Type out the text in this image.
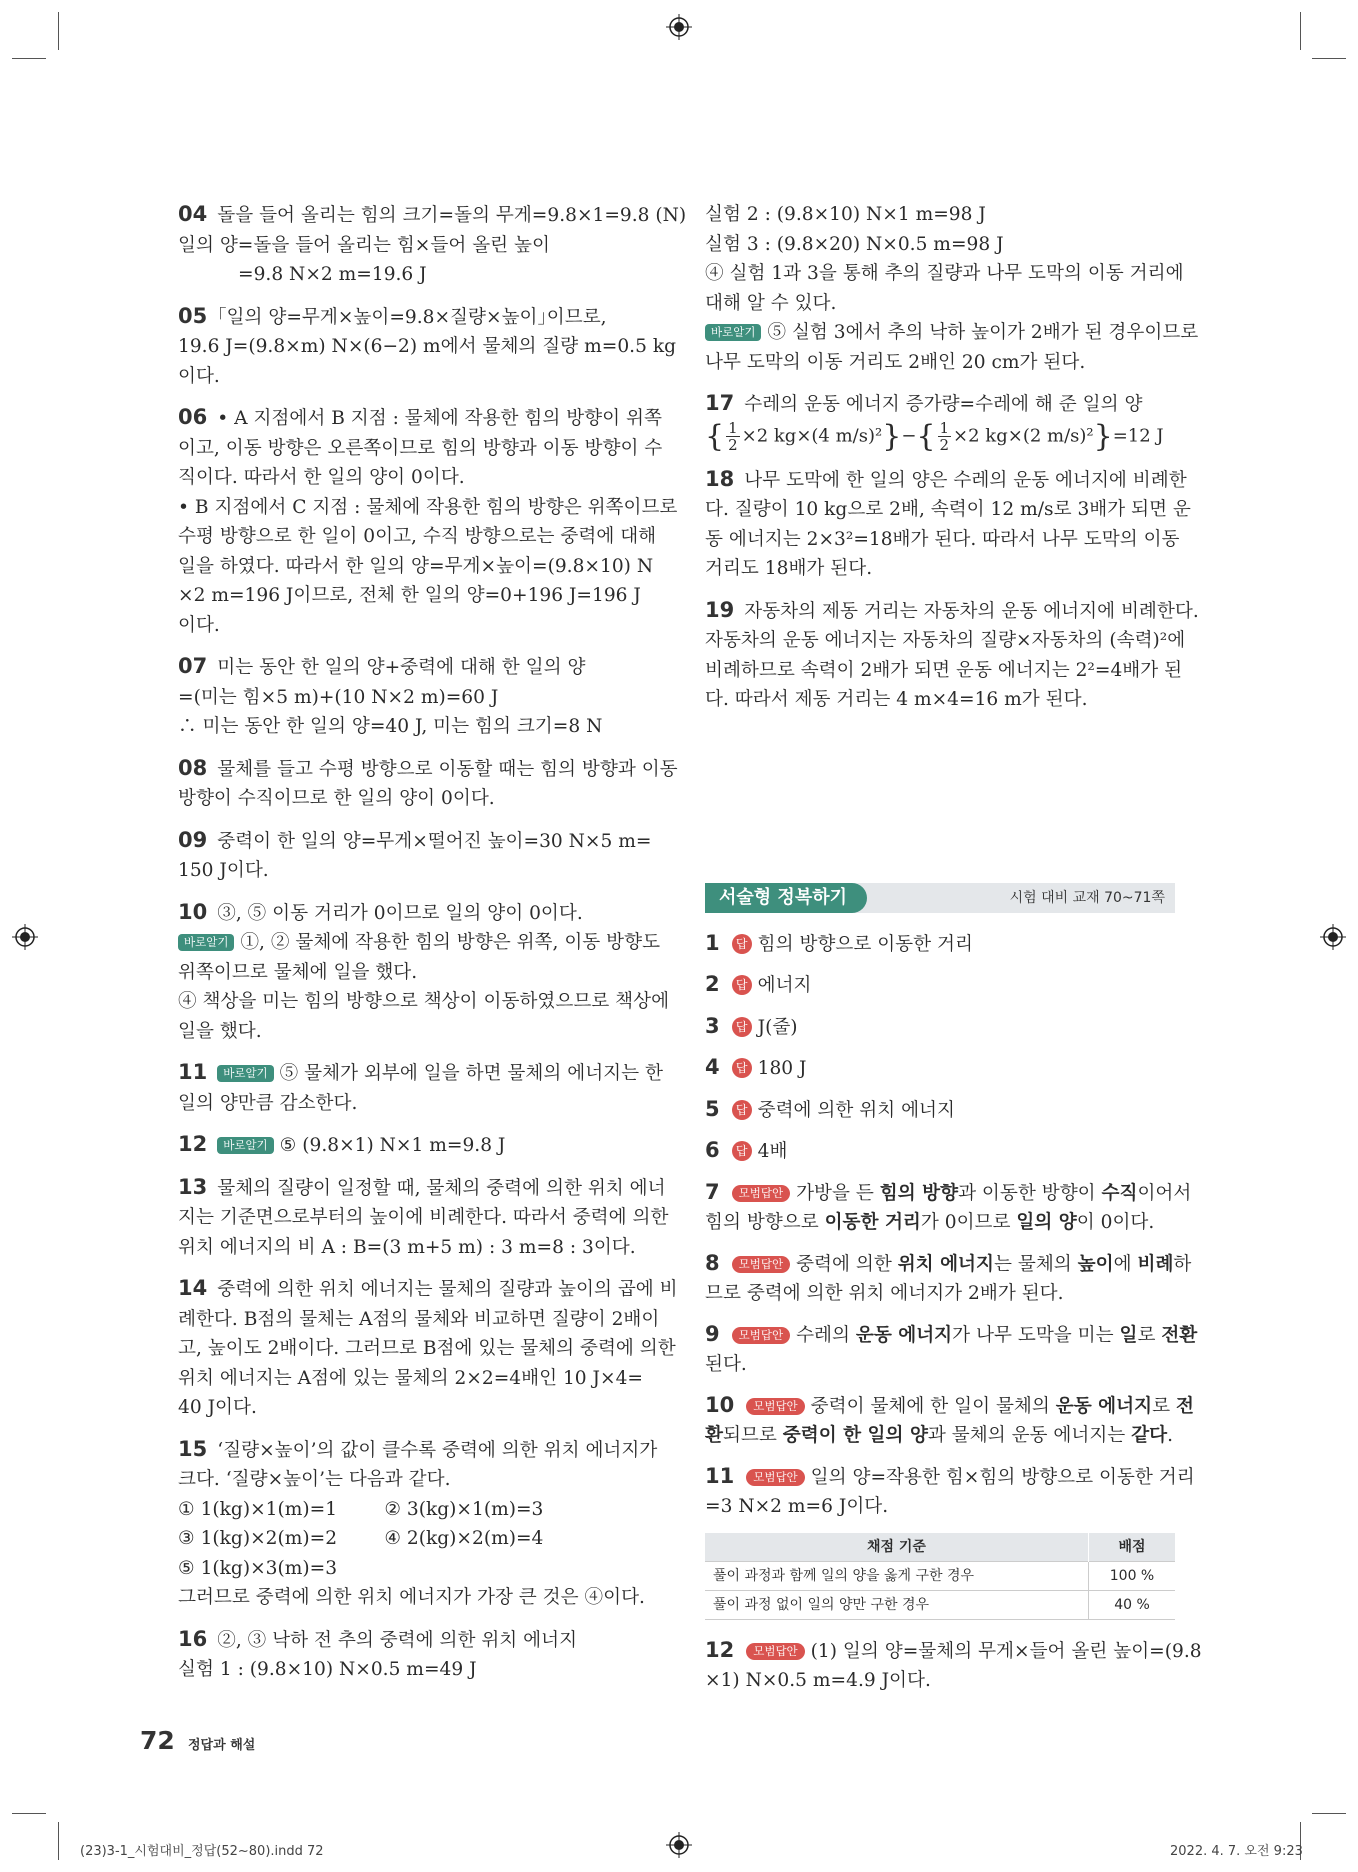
04 돌을 들어 올리는 힘의 크기=돌의 무게=9.8×1=9.8 (N)
일의 양=돌을 들어 올리는 힘×들어 올린 높이
=9.8 N×2 m=19.6 J
05 ｢일의 양=무게×높이=9.8×질량×높이｣이므로,
19.6 J=(9.8×m) N×(6−2) m에서 물체의 질량 m=0.5 kg
이다.
06 • A 지점에서 B 지점 : 물체에 작용한 힘의 방향이 위쪽
이고, 이동 방향은 오른쪽이므로 힘의 방향과 이동 방향이 수
직이다. 따라서 한 일의 양이 0이다.
• B 지점에서 C 지점 : 물체에 작용한 힘의 방향은 위쪽이므로
수평 방향으로 한 일이 0이고, 수직 방향으로는 중력에 대해
일을 하였다. 따라서 한 일의 양=무게×높이=(9.8×10) N
×2 m=196 J이므로, 전체 한 일의 양=0+196 J=196 J
이다.
07 미는 동안 한 일의 양+중력에 대해 한 일의 양
=(미는 힘×5 m)+(10 N×2 m)=60 J
∴ 미는 동안 한 일의 양=40 J, 미는 힘의 크기=8 N
08 물체를 들고 수평 방향으로 이동할 때는 힘의 방향과 이동
방향이 수직이므로 한 일의 양이 0이다.
09 중력이 한 일의 양=무게×떨어진 높이=30 N×5 m=
150 J이다.
10 ③, ⑤ 이동 거리가 0이므로 일의 양이 0이다.
바로알기 ①, ② 물체에 작용한 힘의 방향은 위쪽, 이동 방향도
위쪽이므로 물체에 일을 했다.
④ 책상을 미는 힘의 방향으로 책상이 이동하였으므로 책상에
일을 했다.
11 바로알기 ⑤ 물체가 외부에 일을 하면 물체의 에너지는 한
일의 양만큼 감소한다.
12 바로알기 ⑤ (9.8×1) N×1 m=9.8 J
13 물체의 질량이 일정할 때, 물체의 중력에 의한 위치 에너
지는 기준면으로부터의 높이에 비례한다. 따라서 중력에 의한
위치 에너지의 비 A : B=(3 m+5 m) : 3 m=8 : 3이다.
14 중력에 의한 위치 에너지는 물체의 질량과 높이의 곱에 비
례한다. B점의 물체는 A점의 물체와 비교하면 질량이 2배이
고, 높이도 2배이다. 그러므로 B점에 있는 물체의 중력에 의한
위치 에너지는 A점에 있는 물체의 2×2=4배인 10 J×4=
40 J이다.
15 ‘질량×높이’의 값이 클수록 중력에 의한 위치 에너지가
크다. ‘질량×높이’는 다음과 같다.
① 1(kg)×1(m)=1        ② 3(kg)×1(m)=3
③ 1(kg)×2(m)=2        ④ 2(kg)×2(m)=4
⑤ 1(kg)×3(m)=3
그러므로 중력에 의한 위치 에너지가 가장 큰 것은 ④이다.
16 ②, ③ 낙하 전 추의 중력에 의한 위치 에너지
실험 1 : (9.8×10) N×0.5 m=49 J
실험 2 : (9.8×10) N×1 m=98 J
실험 3 : (9.8×20) N×0.5 m=98 J
④ 실험 1과 3을 통해 추의 질량과 나무 도막의 이동 거리에
대해 알 수 있다.
바로알기 ⑤ 실험 3에서 추의 낙하 높이가 2배가 된 경우이므로
나무 도막의 이동 거리도 2배인 20 cm가 된다.
17 수레의 운동 에너지 증가량=수레에 해 준 일의 양
{ $\frac{1}{2} \times 2$ kg×(4 $m/s)^2\}-\{ \frac{1}{2} \times 2$ kg×(2 m/s)²}=12 J
18 나무 도막에 한 일의 양은 수레의 운동 에너지에 비례한
다. 질량이 10 kg으로 2배, 속력이 12 m/s로 3배가 되면 운
동 에너지는 2×3²=18배가 된다. 따라서 나무 도막의 이동
거리도 18배가 된다.
19 자동차의 제동 거리는 자동차의 운동 에너지에 비례한다.
자동차의 운동 에너지는 자동차의 질량×자동차의 (속력)²에
비례하므로 속력이 2배가 되면 운동 에너지는 2²=4배가 된
다. 따라서 제동 거리는 4 m×4=16 m가 된다.
서술형 정복하기	시험 대비 교재 70~71쪽
1 답 힘의 방향으로 이동한 거리
2 답 에너지
3 답 J(줄)
4 답 180 J
5 답 중력에 의한 위치 에너지
6 답 4배
7 모범답안 가방을 든 힘의 방향과 이동한 방향이 수직이어서
힘의 방향으로 이동한 거리가 0이므로 일의 양이 0이다.
8 모범답안 중력에 의한 위치 에너지는 물체의 높이에 비례하
므로 중력에 의한 위치 에너지가 2배가 된다.
9 모범답안 수레의 운동 에너지가 나무 도막을 미는 일로 전환
된다.
10 모범답안 중력이 물체에 한 일이 물체의 운동 에너지로 전
환되므로 중력이 한 일의 양과 물체의 운동 에너지는 같다.
11 모범답안 일의 양=작용한 힘×힘의 방향으로 이동한 거리
=3 N×2 m=6 J이다.
채점 기준	배점
풀이 과정과 함께 일의 양을 옳게 구한 경우	100 %
풀이 과정 없이 일의 양만 구한 경우	40 %
12 모범답안 (1) 일의 양=물체의 무게×들어 올린 높이=(9.8
×1) N×0.5 m=4.9 J이다.
72 정답과 해설
(23)3-1_시험대비_정답(52~80).indd 72	2022. 4. 7. 오전 9:23
